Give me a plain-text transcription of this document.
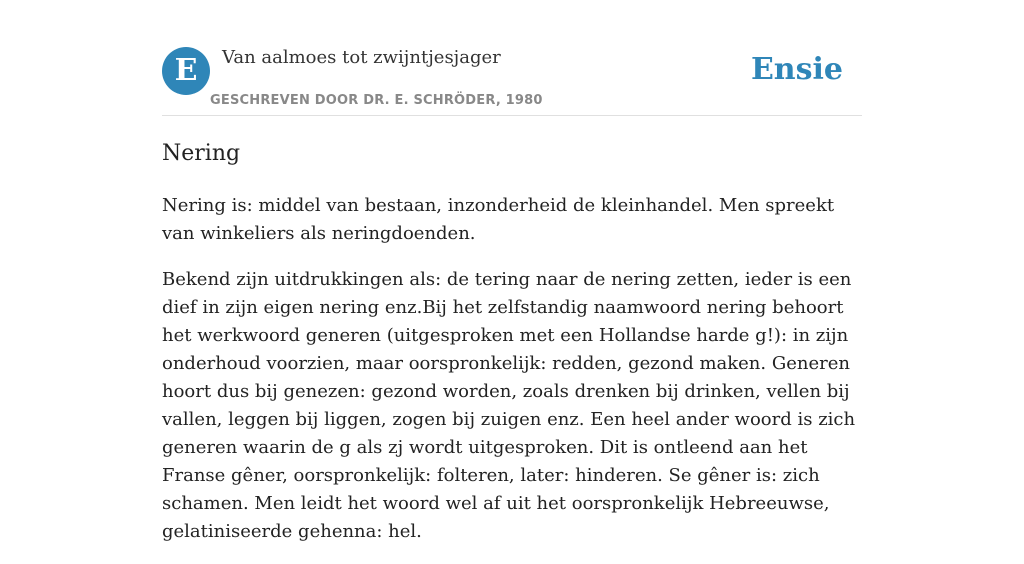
E	Van aalmoes tot zwijntjesjager
GESCHREVEN DOOR DR. E. SCHRÖDER, 1980
Ensie
Nering

Nering is: middel van bestaan, inzonderheid de kleinhandel. Men spreekt van winkeliers als neringdoenden.

Bekend zijn uitdrukkingen als: de tering naar de nering zetten, ieder is een dief in zijn eigen nering enz.Bij het zelfstandig naamwoord nering behoort het werkwoord generen (uitgesproken met een Hollandse harde g!): in zijn onderhoud voorzien, maar oorspronkelijk: redden, gezond maken. Generen hoort dus bij genezen: gezond worden, zoals drenken bij drinken, vellen bij vallen, leggen bij liggen, zogen bij zuigen enz. Een heel ander woord is zich generen waarin de g als zj wordt uitgesproken. Dit is ontleend aan het Franse gêner, oorspronkelijk: folteren, later: hinderen. Se gêner is: zich schamen. Men leidt het woord wel af uit het oorspronkelijk Hebreeuwse, gelatiniseerde gehenna: hel.
